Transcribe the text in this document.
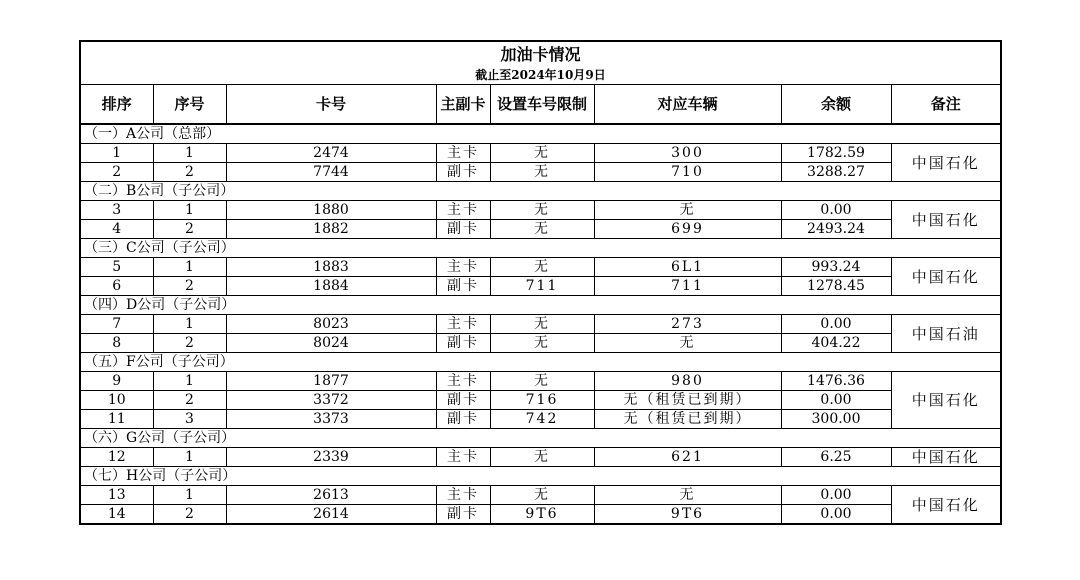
加油卡情况							
截止至2024年10月9日							
排序	序号	卡号	主副卡	设置车号限制	对应车辆	余额	备注
（一）A公司（总部）							
1	1	2474	主卡	无	300	1782.59	中国石化
2	2	7744	副卡	无	710	3288.27	
（二）B公司（子公司）							
3	1	1880	主卡	无	无	0.00	中国石化
4	2	1882	副卡	无	699	2493.24	
（三）C公司（子公司）							
5	1	1883	主卡	无	6L1	993.24	中国石化
6	2	1884	副卡	711	711	1278.45	
（四）D公司（子公司）							
7	1	8023	主卡	无	273	0.00	中国石油
8	2	8024	副卡	无	无	404.22	
（五）F公司（子公司）							
9	1	1877	主卡	无	980	1476.36	中国石化
10	2	3372	副卡	716	无（租赁已到期）	0.00	
11	3	3373	副卡	742	无（租赁已到期）	300.00	
（六）G公司（子公司）							
12	1	2339	主卡	无	621	6.25	中国石化
（七）H公司（子公司）							
13	1	2613	主卡	无	无	0.00	中国石化
14	2	2614	副卡	9T6	9T6	0.00	
